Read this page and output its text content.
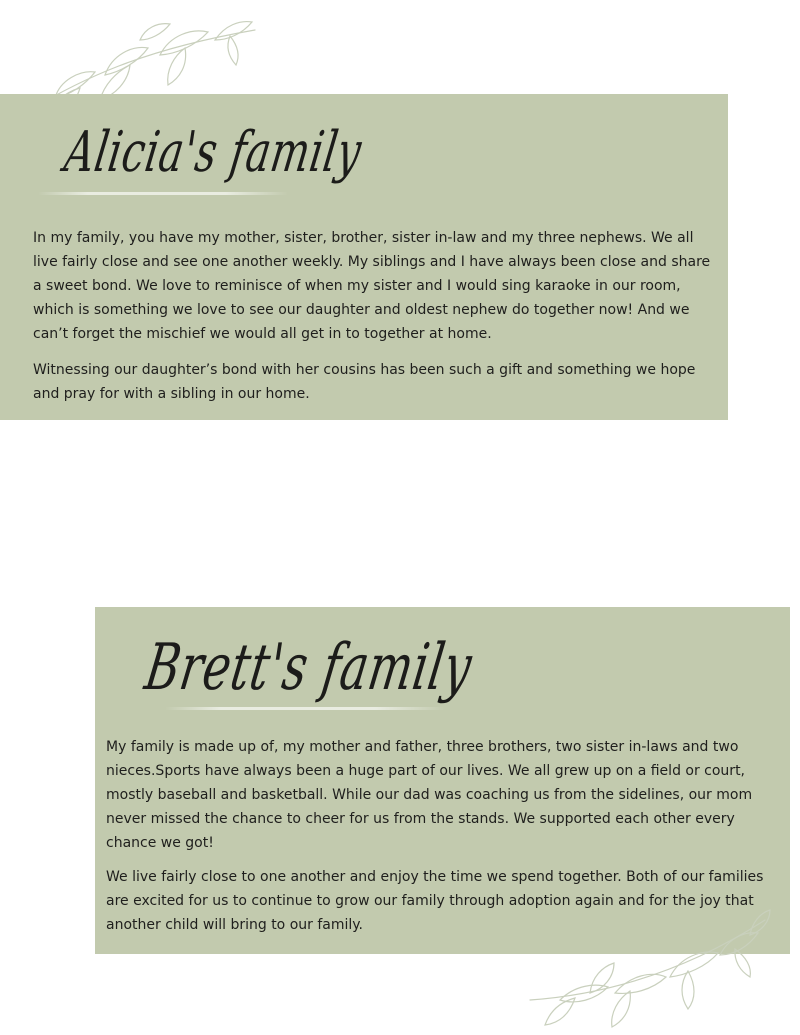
Alicia's family

In my family, you have my mother, sister, brother, sister in-law and my three nephews. We all live fairly close and see one another weekly. My siblings and I have always been close and share a sweet bond. We love to reminisce of when my sister and I would sing karaoke in our room, which is something we love to see our daughter and oldest nephew do together now! And we can’t forget the mischief we would all get in to together at home.

Witnessing our daughter’s bond with her cousins has been such a gift and something we hope and pray for with a sibling in our home.

Brett's family

My family is made up of, my mother and father, three brothers, two sister in-laws and two nieces.Sports have always been a huge part of our lives. We all grew up on a field or court, mostly baseball and basketball. While our dad was coaching us from the sidelines, our mom never missed the chance to cheer for us from the stands. We supported each other every chance we got!

We live fairly close to one another and enjoy the time we spend together. Both of our families are excited for us to continue to grow our family through adoption again and for the joy that another child will bring to our family.
